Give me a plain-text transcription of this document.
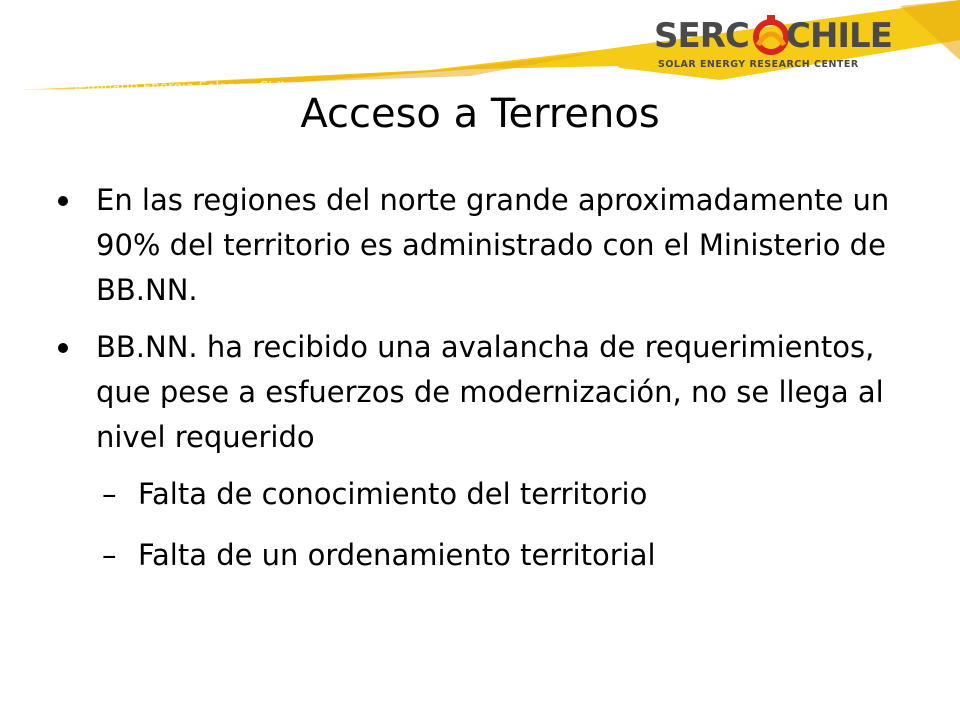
Seminario Energía Solar en Chile
SERC CHILE
SOLAR ENERGY RESEARCH CENTER
Acceso a Terrenos
En las regiones del norte grande aproximadamente un 90% del territorio es administrado con el Ministerio de BB.NN.
BB.NN. ha recibido una avalancha de requerimientos, que pese a esfuerzos de modernización, no se llega al nivel requerido
– Falta de conocimiento del territorio
– Falta de un ordenamiento territorial
